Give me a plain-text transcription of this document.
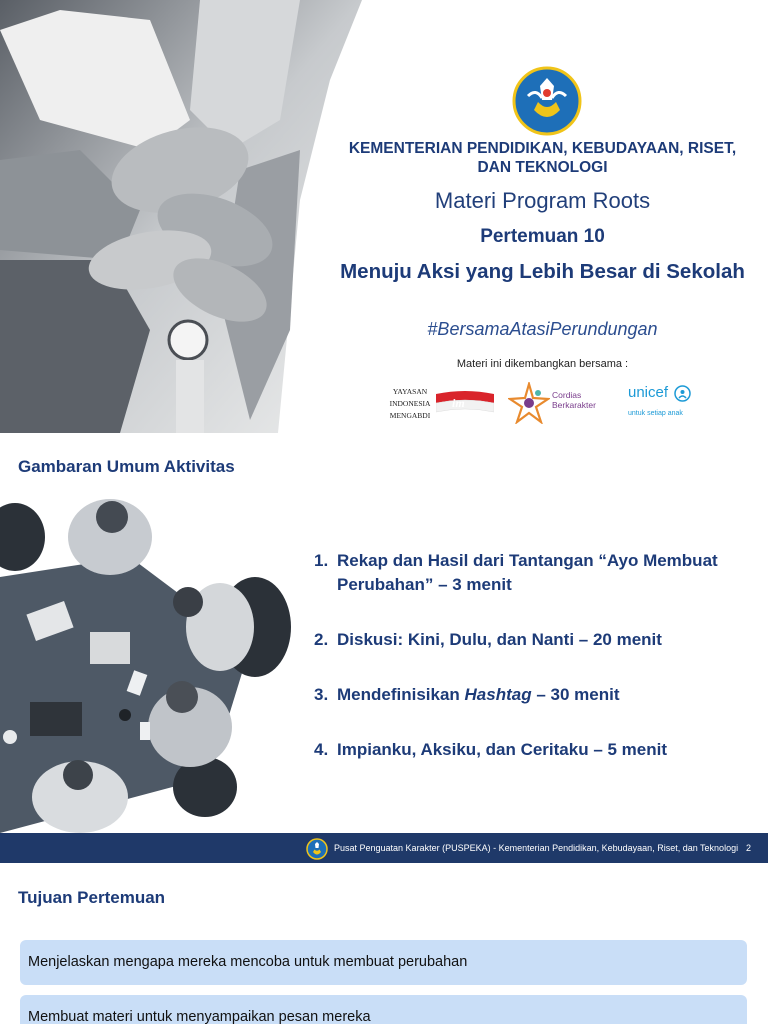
KEMENTERIAN PENDIDIKAN, KEBUDAYAAN, RISET, DAN TEKNOLOGI
Materi Program Roots
Pertemuan 10
Menuju Aksi yang Lebih Besar di Sekolah
#BersamaAtasiPerundungan
Materi ini dikembangkan bersama :
YAYASAN
INDONESIA
MENGABDI
im
Cordias
Berkarakter
unicef
untuk setiap anak
Gambaran Umum Aktivitas
1. Rekap dan Hasil dari Tantangan “Ayo Membuat Perubahan” – 3 menit
2. Diskusi: Kini, Dulu, dan Nanti – 20 menit
3. Mendefinisikan Hashtag – 30 menit
4. Impianku, Aksiku, dan Ceritaku – 5 menit
Pusat Penguatan Karakter (PUSPEKA) - Kementerian Pendidikan, Kebudayaan, Riset, dan Teknologi 2
Tujuan Pertemuan
Menjelaskan mengapa mereka mencoba untuk membuat perubahan
Membuat materi untuk menyampaikan pesan mereka
